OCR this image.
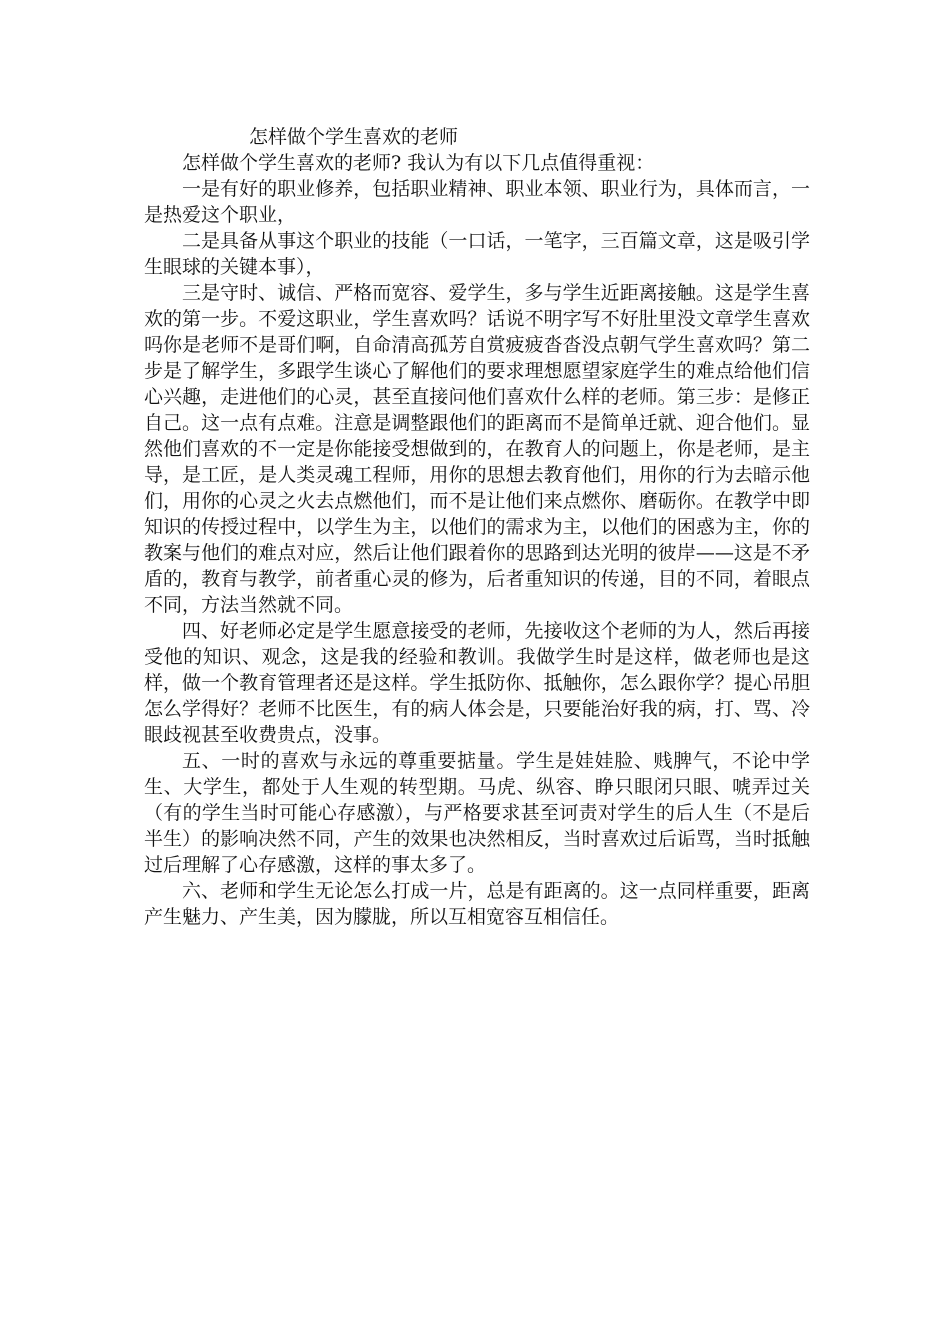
怎样做个学生喜欢的老师

怎样做个学生喜欢的老师? 我认为有以下几点值得重视：

一是有好的职业修养，包括职业精神、职业本领、职业行为，具体而言，一是热爱这个职业，

二是具备从事这个职业的技能（一口话，一笔字，三百篇文章，这是吸引学生眼球的关键本事），

三是守时、诚信、严格而宽容、爱学生，多与学生近距离接触。这是学生喜欢的第一步。不爱这职业，学生喜欢吗？话说不明字写不好肚里没文章学生喜欢吗你是老师不是哥们啊，自命清高孤芳自赏疲疲沓沓没点朝气学生喜欢吗？第二步是了解学生，多跟学生谈心了解他们的要求理想愿望家庭学生的难点给他们信心兴趣，走进他们的心灵，甚至直接问他们喜欢什么样的老师。第三步：是修正自己。这一点有点难。注意是调整跟他们的距离而不是简单迁就、迎合他们。显然他们喜欢的不一定是你能接受想做到的，在教育人的问题上，你是老师，是主导，是工匠，是人类灵魂工程师，用你的思想去教育他们，用你的行为去暗示他们，用你的心灵之火去点燃他们，而不是让他们来点燃你、磨砺你。在教学中即知识的传授过程中，以学生为主，以他们的需求为主，以他们的困惑为主，你的教案与他们的难点对应，然后让他们跟着你的思路到达光明的彼岸——这是不矛盾的，教育与教学，前者重心灵的修为，后者重知识的传递，目的不同，着眼点不同，方法当然就不同。

四、好老师必定是学生愿意接受的老师，先接收这个老师的为人，然后再接受他的知识、观念，这是我的经验和教训。我做学生时是这样，做老师也是这样，做一个教育管理者还是这样。学生抵防你、抵触你，怎么跟你学？提心吊胆怎么学得好？老师不比医生，有的病人体会是，只要能治好我的病，打、骂、冷眼歧视甚至收费贵点，没事。

五、一时的喜欢与永远的尊重要掂量。学生是娃娃脸、贱脾气，不论中学生、大学生，都处于人生观的转型期。马虎、纵容、睁只眼闭只眼、唬弄过关（有的学生当时可能心存感激），与严格要求甚至诃责对学生的后人生（不是后半生）的影响决然不同，产生的效果也决然相反，当时喜欢过后诟骂，当时抵触过后理解了心存感激，这样的事太多了。

六、老师和学生无论怎么打成一片，总是有距离的。这一点同样重要，距离产生魅力、产生美，因为朦胧，所以互相宽容互相信任。
